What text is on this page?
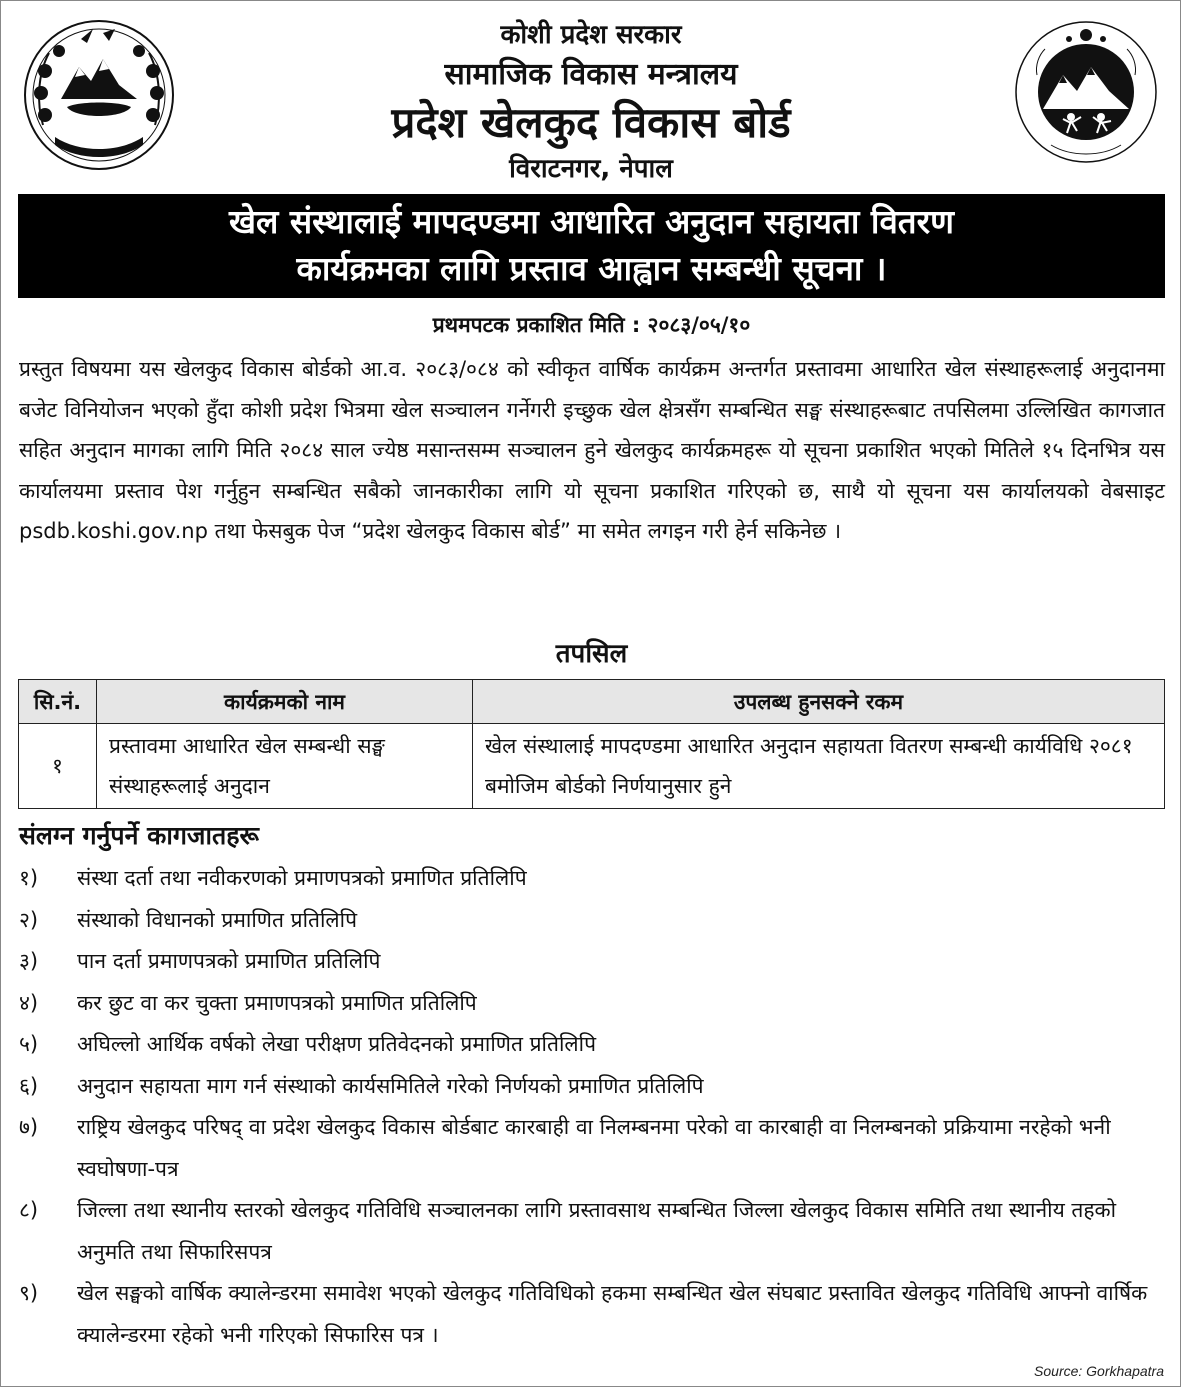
कोशी प्रदेश सरकार
सामाजिक विकास मन्त्रालय
प्रदेश खेलकुद विकास बोर्ड
विराटनगर, नेपाल
खेल संस्थालाई मापदण्डमा आधारित अनुदान सहायता वितरण
कार्यक्रमका लागि प्रस्ताव आह्वान सम्बन्धी सूचना ।
प्रथमपटक प्रकाशित मिति : २०८३/०५/१०

प्रस्तुत विषयमा यस खेलकुद विकास बोर्डको आ.व. २०८३/०८४ को स्वीकृत वार्षिक कार्यक्रम अन्तर्गत प्रस्तावमा आधारित खेल संस्थाहरूलाई अनुदानमा बजेट विनियोजन भएको हुँदा कोशी प्रदेश भित्रमा खेल सञ्चालन गर्नेगरी इच्छुक खेल क्षेत्रसँग सम्बन्धित सङ्घ संस्थाहरूबाट तपसिलमा उल्लिखित कागजात सहित अनुदान मागका लागि मिति २०८४ साल ज्येष्ठ मसान्तसम्म सञ्चालन हुने खेलकुद कार्यक्रमहरू यो सूचना प्रकाशित भएको मितिले १५ दिनभित्र यस कार्यालयमा प्रस्ताव पेश गर्नुहुन सम्बन्धित सबैको जानकारीका लागि यो सूचना प्रकाशित गरिएको छ, साथै यो सूचना यस कार्यालयको वेबसाइट psdb.koshi.gov.np तथा फेसबुक पेज “प्रदेश खेलकुद विकास बोर्ड” मा समेत लगइन गरी हेर्न सकिनेछ ।

तपसिल
सि.नं.	कार्यक्रमको नाम	उपलब्ध हुनसक्ने रकम
१	प्रस्तावमा आधारित खेल सम्बन्धी सङ्घ संस्थाहरूलाई अनुदान	खेल संस्थालाई मापदण्डमा आधारित अनुदान सहायता वितरण सम्बन्धी कार्यविधि २०८१ बमोजिम बोर्डको निर्णयानुसार हुने
संलग्न गर्नुपर्ने कागजातहरू
१)	संस्था दर्ता तथा नवीकरणको प्रमाणपत्रको प्रमाणित प्रतिलिपि
२)	संस्थाको विधानको प्रमाणित प्रतिलिपि
३)	पान दर्ता प्रमाणपत्रको प्रमाणित प्रतिलिपि
४)	कर छुट वा कर चुक्ता प्रमाणपत्रको प्रमाणित प्रतिलिपि
५)	अघिल्लो आर्थिक वर्षको लेखा परीक्षण प्रतिवेदनको प्रमाणित प्रतिलिपि
६)	अनुदान सहायता माग गर्न संस्थाको कार्यसमितिले गरेको निर्णयको प्रमाणित प्रतिलिपि
७)	राष्ट्रिय खेलकुद परिषद् वा प्रदेश खेलकुद विकास बोर्डबाट कारबाही वा निलम्बनमा परेको वा कारबाही वा निलम्बनको प्रक्रियामा नरहेको भनी स्वघोषणा-पत्र
८)	जिल्ला तथा स्थानीय स्तरको खेलकुद गतिविधि सञ्चालनका लागि प्रस्तावसाथ सम्बन्धित जिल्ला खेलकुद विकास समिति तथा स्थानीय तहको अनुमति तथा सिफारिसपत्र
९)	खेल सङ्घको वार्षिक क्यालेन्डरमा समावेश भएको खेलकुद गतिविधिको हकमा सम्बन्धित खेल संघबाट प्रस्तावित खेलकुद गतिविधि आफ्नो वार्षिक क्यालेन्डरमा रहेको भनी गरिएको सिफारिस पत्र ।
Source: Gorkhapatra
